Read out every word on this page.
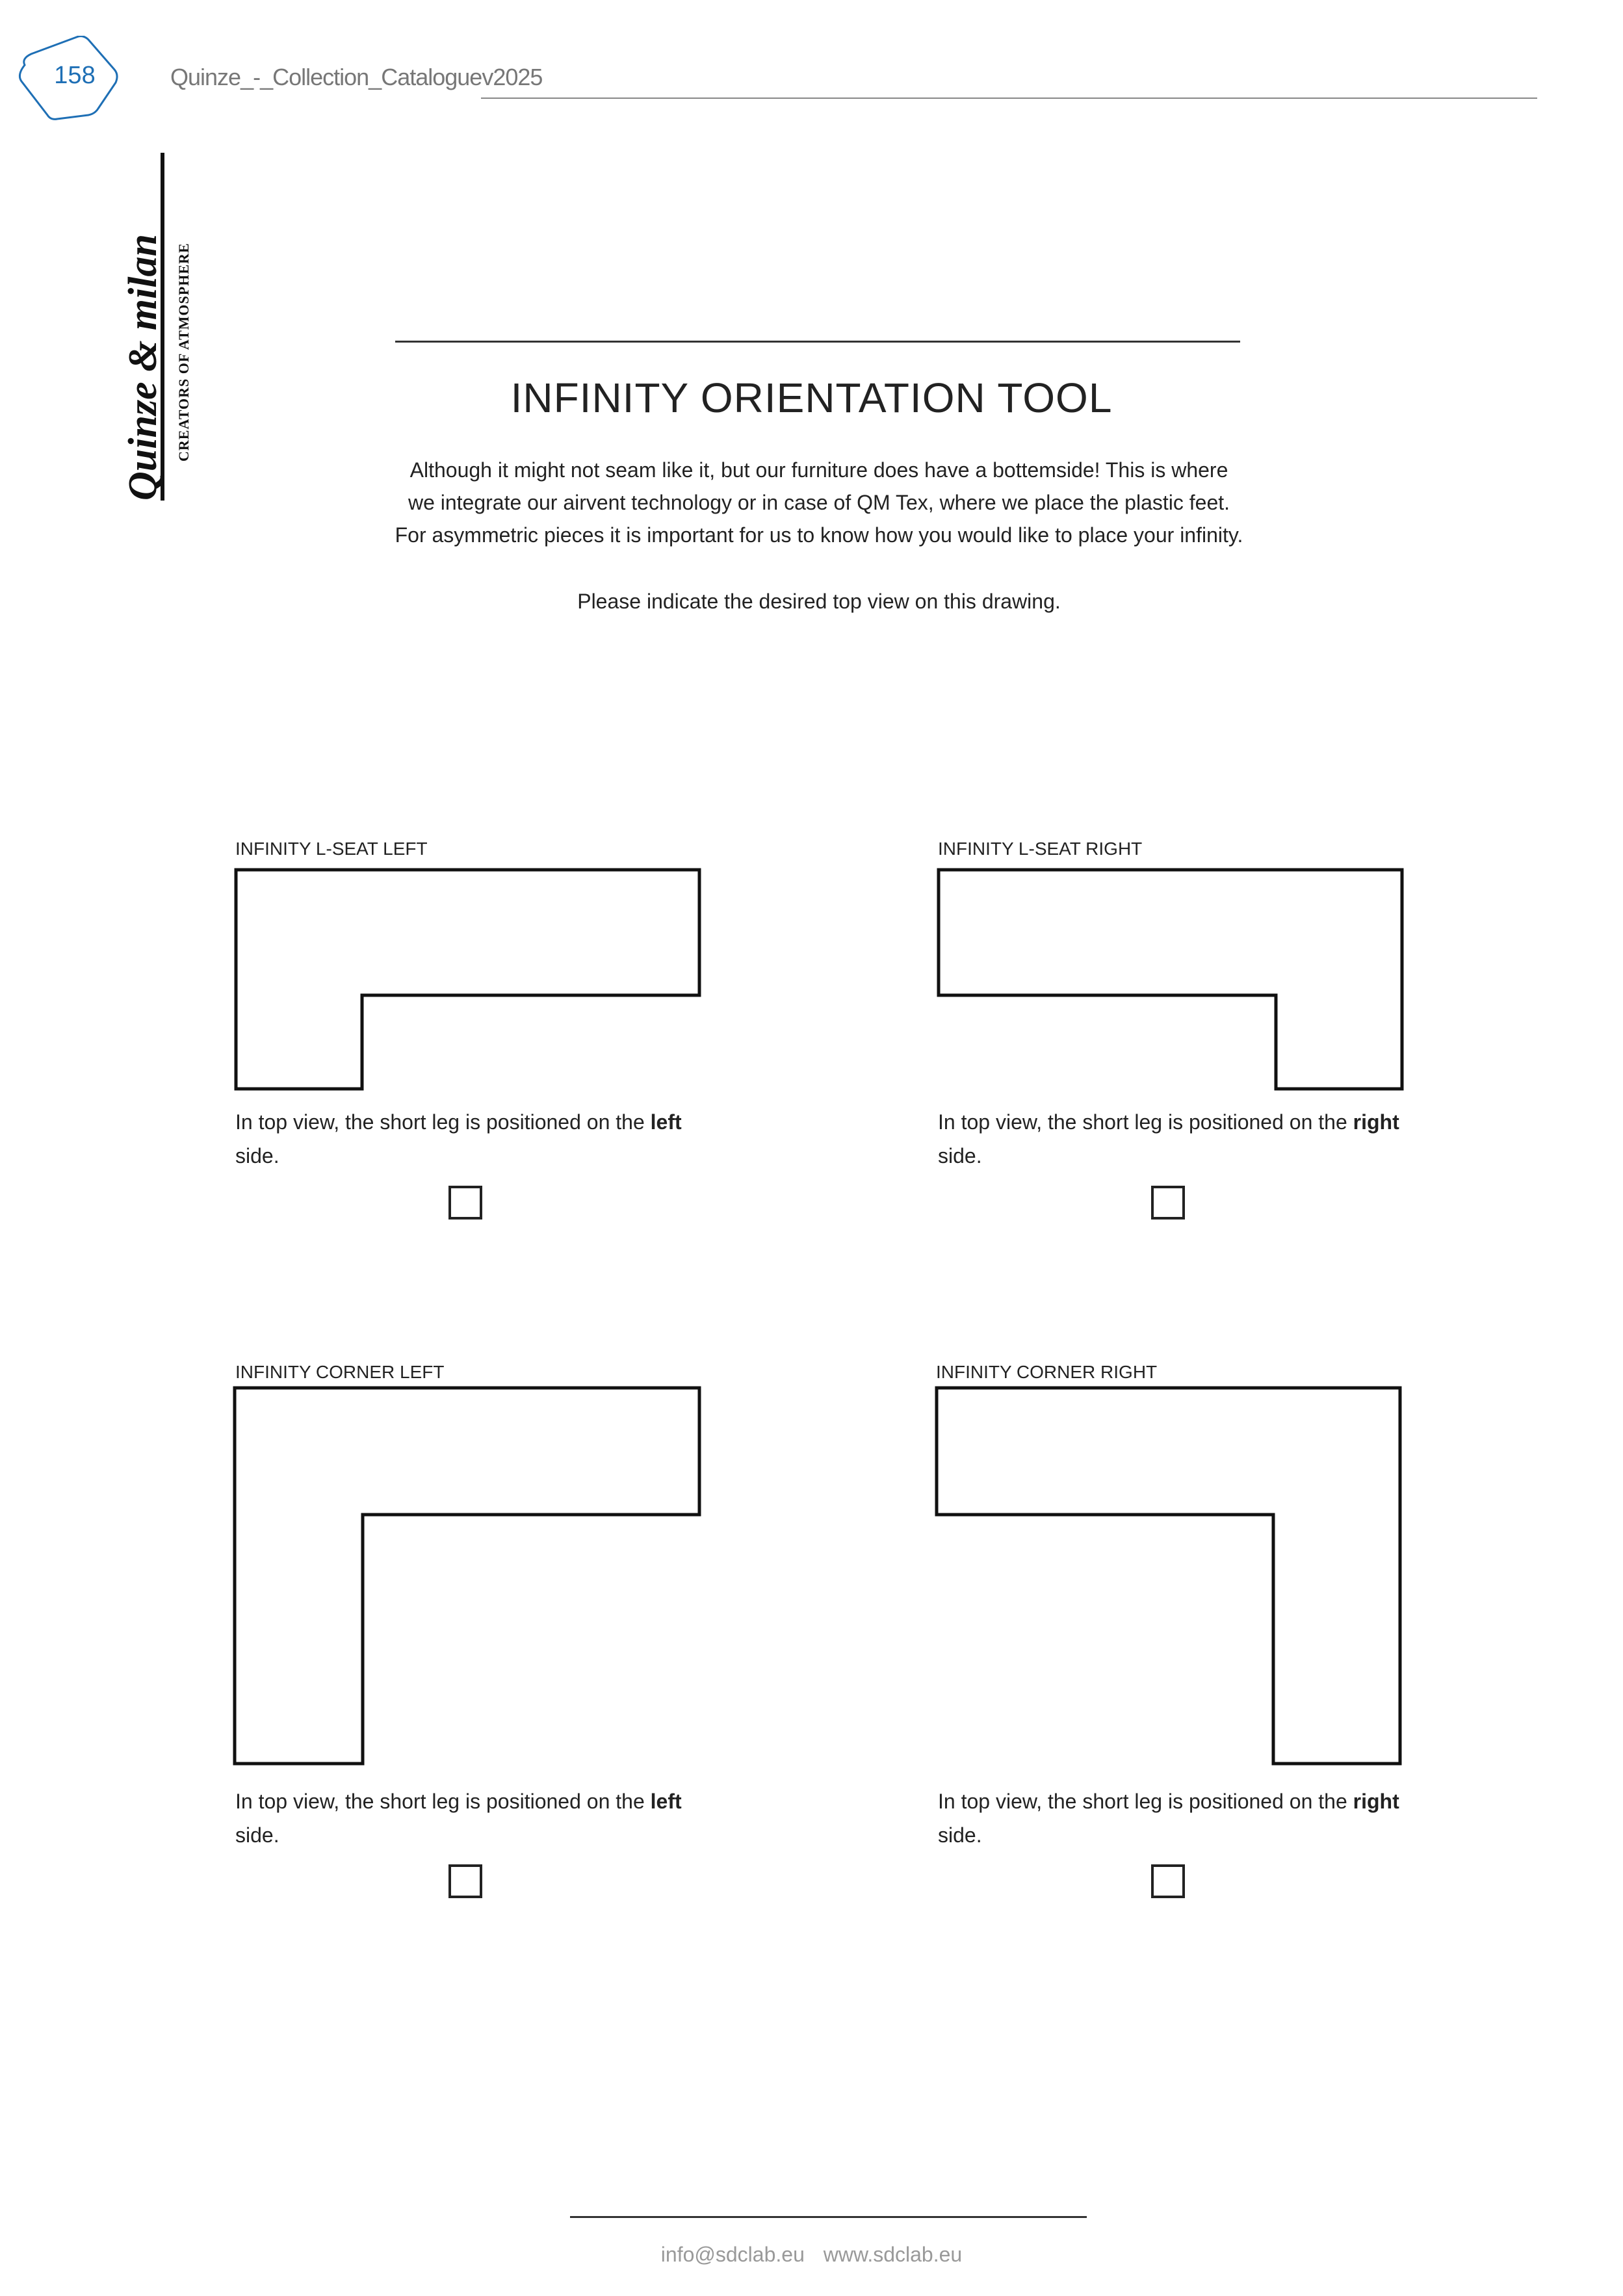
158	Quinze_-_Collection_Cataloguev2025
Quinze & milan CREATORS OF ATMOSPHERE	INFINITY ORIENTATION TOOL
Although it might not seam like it, but our furniture does have a bottemside! This is where
we integrate our airvent technology or in case of QM Tex, where we place the plastic feet.
For asymmetric pieces it is important for us to know how you would like to place your infinity.
Please indicate the desired top view on this drawing.
INFINITY L-SEAT LEFT
In top view, the short leg is positioned on the left side.
INFINITY L-SEAT RIGHT
In top view, the short leg is positioned on the right side.
INFINITY CORNER LEFT
In top view, the short leg is positioned on the left side.
INFINITY CORNER RIGHT
In top view, the short leg is positioned on the right side.
info@sdclab.eu www.sdclab.eu
